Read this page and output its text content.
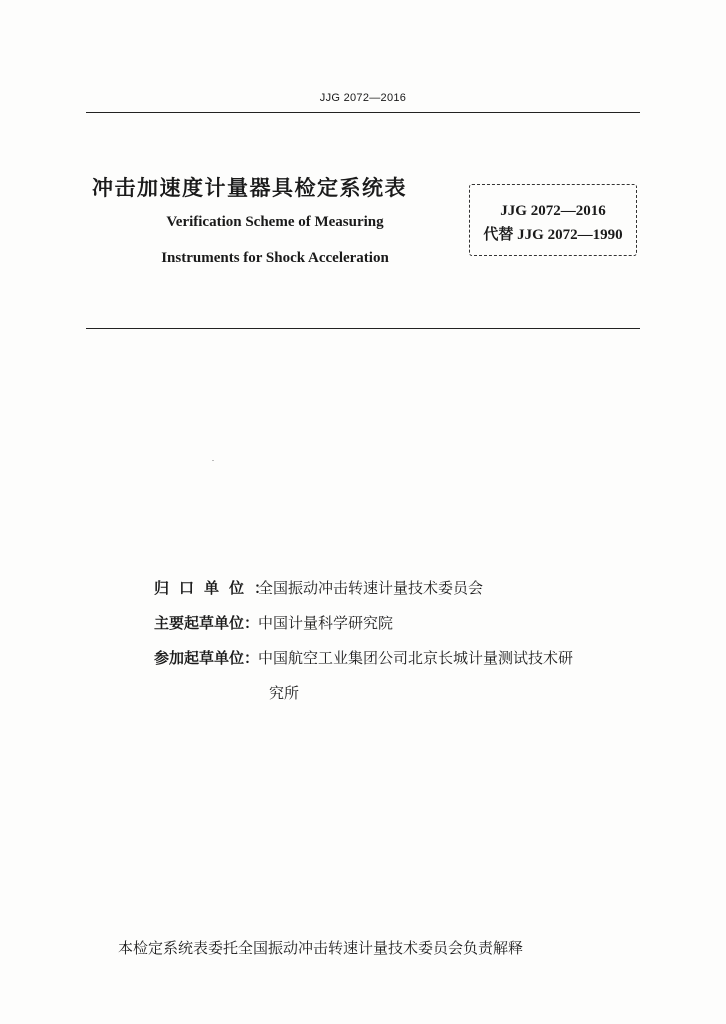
JJG 2072—2016
冲击加速度计量器具检定系统表
Verification Scheme of Measuring
Instruments for Shock Acceleration
JJG 2072—2016
代替 JJG 2072—1990
归口单位：
全国振动冲击转速计量技术委员会
主要起草单位：
中国计量科学研究院
参加起草单位：
中国航空工业集团公司北京长城计量测试技术研
究所
本检定系统表委托全国振动冲击转速计量技术委员会负责解释
